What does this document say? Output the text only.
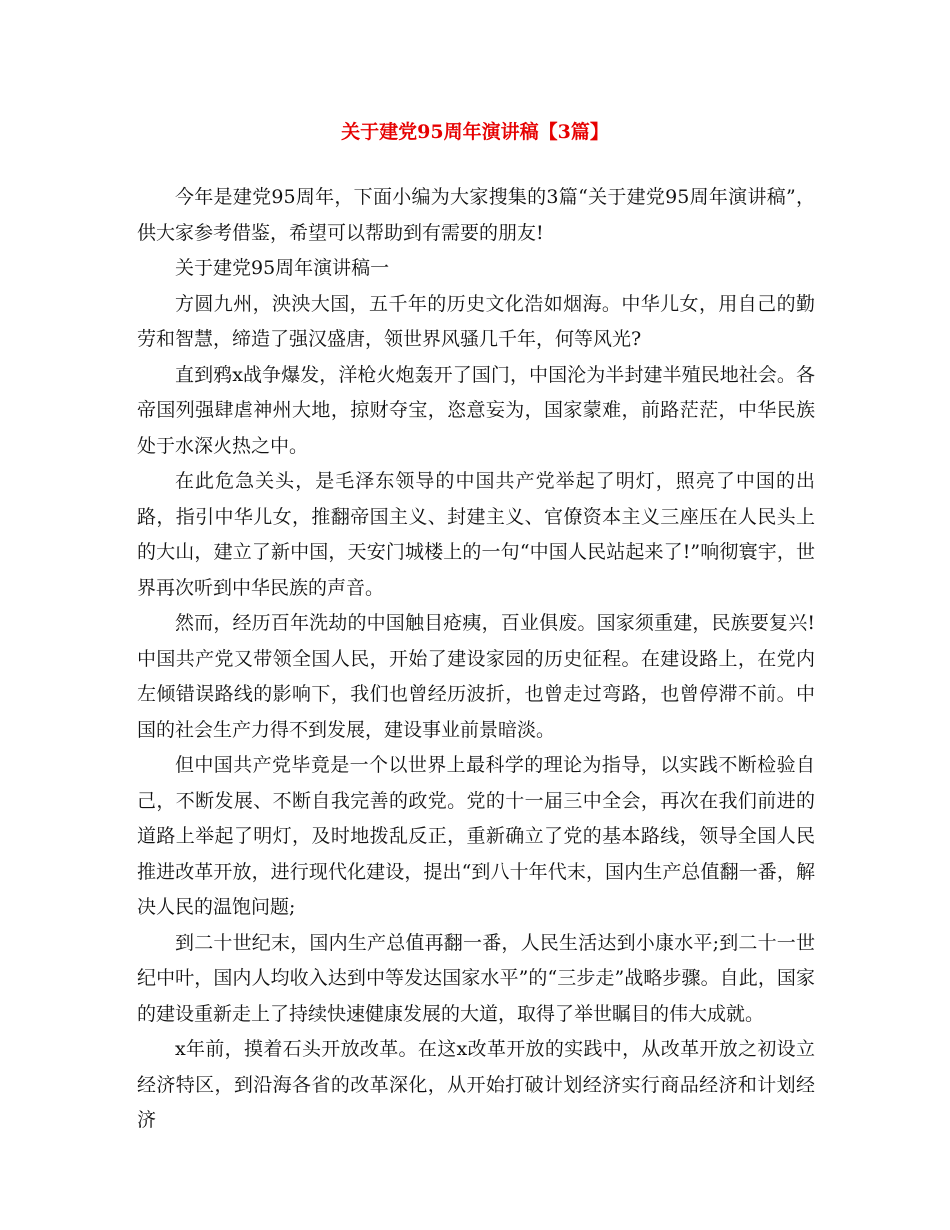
关于建党95周年演讲稿【3篇】

今年是建党95周年，下面小编为大家搜集的3篇“关于建党95周年演讲稿”，供大家参考借鉴，希望可以帮助到有需要的朋友!

关于建党95周年演讲稿一

方圆九州，泱泱大国，五千年的历史文化浩如烟海。中华儿女，用自己的勤劳和智慧，缔造了强汉盛唐，领世界风骚几千年，何等风光?

直到鸦x战争爆发，洋枪火炮轰开了国门，中国沦为半封建半殖民地社会。各帝国列强肆虐神州大地，掠财夺宝，恣意妄为，国家蒙难，前路茫茫，中华民族处于水深火热之中。

在此危急关头，是毛泽东领导的中国共产党举起了明灯，照亮了中国的出路，指引中华儿女，推翻帝国主义、封建主义、官僚资本主义三座压在人民头上的大山，建立了新中国，天安门城楼上的一句“中国人民站起来了!”响彻寰宇，世界再次听到中华民族的声音。

然而，经历百年洗劫的中国触目疮痍，百业俱废。国家须重建，民族要复兴!中国共产党又带领全国人民，开始了建设家园的历史征程。在建设路上，在党内左倾错误路线的影响下，我们也曾经历波折，也曾走过弯路，也曾停滞不前。中国的社会生产力得不到发展，建设事业前景暗淡。

但中国共产党毕竟是一个以世界上最科学的理论为指导，以实践不断检验自己，不断发展、不断自我完善的政党。党的十一届三中全会，再次在我们前进的道路上举起了明灯，及时地拨乱反正，重新确立了党的基本路线，领导全国人民推进改革开放，进行现代化建设，提出“到八十年代末，国内生产总值翻一番，解决人民的温饱问题;

到二十世纪末，国内生产总值再翻一番，人民生活达到小康水平;到二十一世纪中叶，国内人均收入达到中等发达国家水平”的“三步走”战略步骤。自此，国家的建设重新走上了持续快速健康发展的大道，取得了举世瞩目的伟大成就。

x年前，摸着石头开放改革。在这x改革开放的实践中，从改革开放之初设立经济特区，到沿海各省的改革深化，从开始打破计划经济实行商品经济和计划经济
